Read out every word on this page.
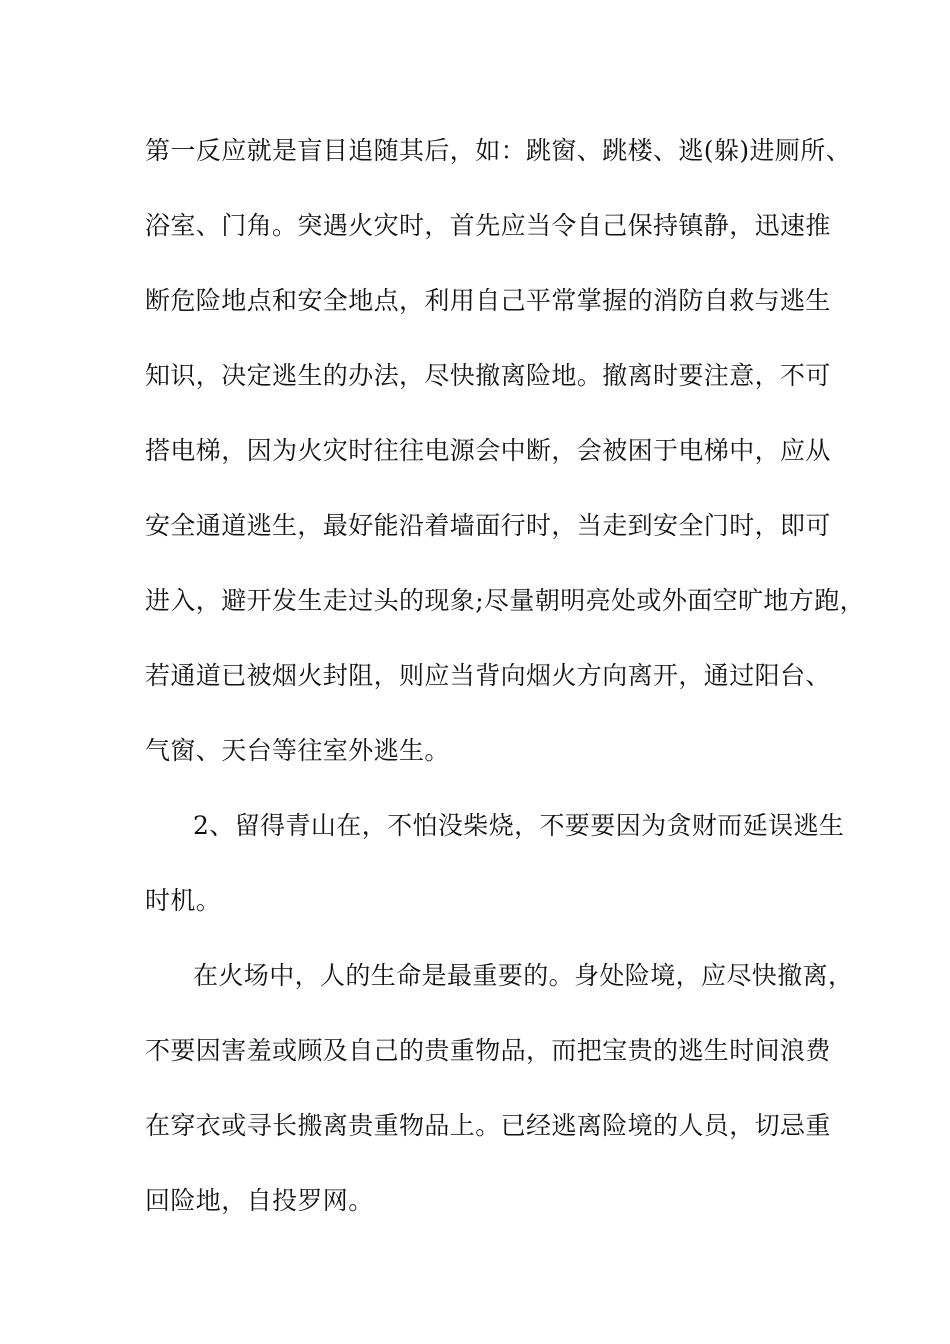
第一反应就是盲目追随其后，如：跳窗、跳楼、逃(躲)进厕所、
浴室、门角。突遇火灾时，首先应当令自己保持镇静，迅速推
断危险地点和安全地点，利用自己平常掌握的消防自救与逃生
知识，决定逃生的办法，尽快撤离险地。撤离时要注意，不可
搭电梯，因为火灾时往往电源会中断，会被困于电梯中，应从
安全通道逃生，最好能沿着墙面行时，当走到安全门时，即可
进入，避开发生走过头的现象;尽量朝明亮处或外面空旷地方跑，
若通道已被烟火封阻，则应当背向烟火方向离开，通过阳台、
气窗、天台等往室外逃生。
2、留得青山在，不怕没柴烧，不要要因为贪财而延误逃生
时机。
在火场中，人的生命是最重要的。身处险境，应尽快撤离，
不要因害羞或顾及自己的贵重物品，而把宝贵的逃生时间浪费
在穿衣或寻长搬离贵重物品上。已经逃离险境的人员，切忌重
回险地，自投罗网。
